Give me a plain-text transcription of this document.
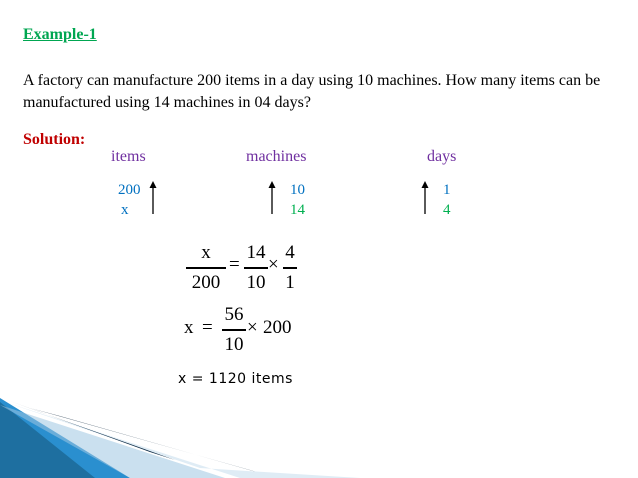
Example-1
A factory can manufacture 200 items in a day using 10 machines. How many items can be manufactured using 14 machines in 04 days?
Solution:
items	machines	days
200
x
10
14
1
4
x
200
=
14
10
×
4
1
x =
56
10
× 200
x = 1120 items
